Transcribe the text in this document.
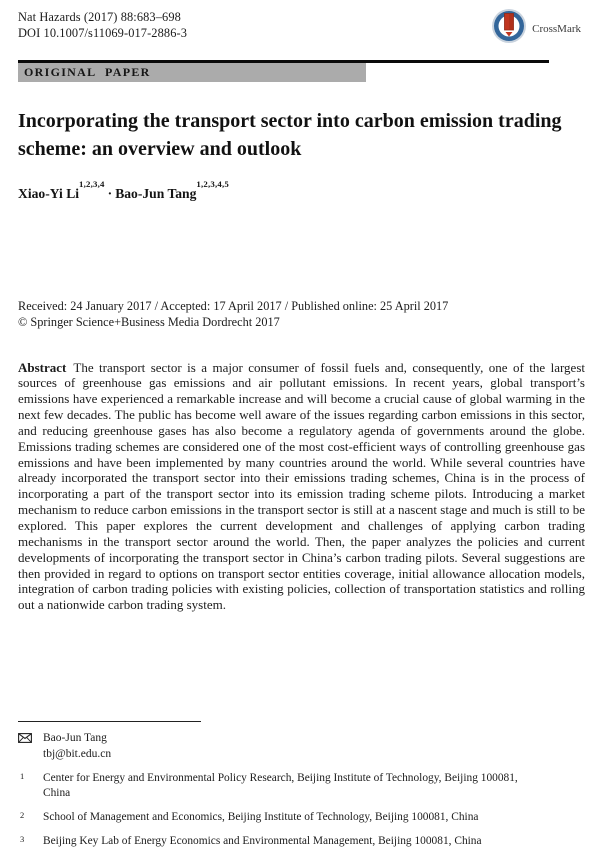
Nat Hazards (2017) 88:683–698
DOI 10.1007/s11069-017-2886-3	CrossMark
ORIGINAL PAPER
Incorporating the transport sector into carbon emission trading scheme: an overview and outlook
Xiao-Yi Li$^{1,2,3,4}$· Bao-Jun Tang$^{1,2,3,4,5}$
Received: 24 January 2017 / Accepted: 17 April 2017 / Published online: 25 April 2017
© Springer Science+Business Media Dordrecht 2017

Abstract The transport sector is a major consumer of fossil fuels and, consequently, one of the largest sources of greenhouse gas emissions and air pollutant emissions. In recent years, global transport’s emissions have experienced a remarkable increase and will become a crucial cause of global warming in the next few decades. The public has become well aware of the issues regarding carbon emissions in this sector, and reducing greenhouse gases has also become a regulatory agenda of governments around the globe. Emissions trading schemes are considered one of the most cost-efficient ways of controlling greenhouse gas emissions and have been implemented by many countries around the world. While several countries have already incorporated the transport sector into their emissions trading schemes, China is in the process of incorporating a part of the transport sector into its emission trading scheme pilots. Introducing a market mechanism to reduce carbon emissions in the transport sector is still at a nascent stage and much is still to be explored. This paper explores the current development and challenges of applying carbon trading mechanisms in the transport sector around the world. Then, the paper analyzes the policies and current developments of incorporating the transport sector in China’s carbon trading pilots. Several suggestions are then provided in regard to options on transport sector entities coverage, initial allowance allocation models, integration of carbon trading policies with existing policies, collection of transportation statistics and rolling out a nationwide carbon trading system.

Bao-Jun Tang
tbj@bit.edu.cn
1	Center for Energy and Environmental Policy Research, Beijing Institute of Technology, Beijing 100081, China
2	School of Management and Economics, Beijing Institute of Technology, Beijing 100081, China
3	Beijing Key Lab of Energy Economics and Environmental Management, Beijing 100081, China
